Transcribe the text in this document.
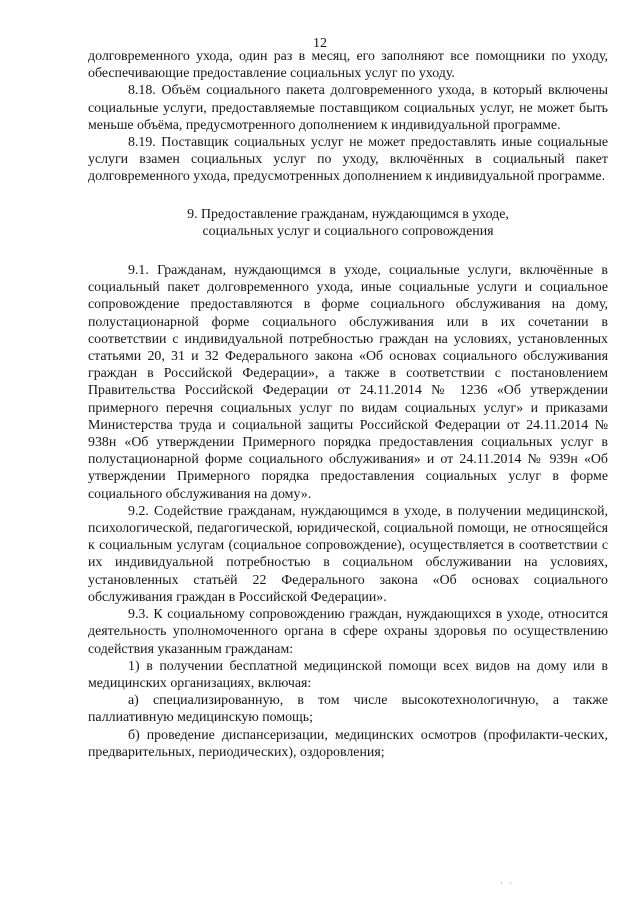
12

долговременного ухода, один раз в месяц, его заполняют все помощники по уходу, обеспечивающие предоставление социальных услуг по уходу.

8.18. Объём социального пакета долговременного ухода, в который включены социальные услуги, предоставляемые поставщиком социальных услуг, не может быть меньше объёма, предусмотренного дополнением к индивидуальной программе.

8.19. Поставщик социальных услуг не может предоставлять иные социальные услуги взамен социальных услуг по уходу, включённых в социальный пакет долговременного ухода, предусмотренных дополнением к индивидуальной программе.

9. Предоставление гражданам, нуждающимся в уходе,
социальных услуг и социального сопровождения

9.1. Гражданам, нуждающимся в уходе, социальные услуги, включённые в социальный пакет долговременного ухода, иные социальные услуги и социальное сопровождение предоставляются в форме социального обслуживания на дому, полустационарной форме социального обслуживания или в их сочетании в соответствии с индивидуальной потребностью граждан на условиях, установленных статьями 20, 31 и 32 Федерального закона «Об основах социального обслуживания граждан в Российской Федерации», а также в соответствии с постановлением Правительства Российской Федерации от 24.11.2014 № 1236 «Об утверждении примерного перечня социальных услуг по видам социальных услуг» и приказами Министерства труда и социальной защиты Российской Федерации от 24.11.2014 № 938н «Об утверждении Примерного порядка предоставления социальных услуг в полустационарной форме социального обслуживания» и от 24.11.2014 № 939н «Об утверждении Примерного порядка предоставления социальных услуг в форме социального обслуживания на дому».

9.2. Содействие гражданам, нуждающимся в уходе, в получении медицинской, психологической, педагогической, юридической, социальной помощи, не относящейся к социальным услугам (социальное сопровождение), осуществляется в соответствии с их индивидуальной потребностью в социальном обслуживании на условиях, установленных статьёй 22 Федерального закона «Об основах социального обслуживания граждан в Российской Федерации».

9.3. К социальному сопровождению граждан, нуждающихся в уходе, относится деятельность уполномоченного органа в сфере охраны здоровья по осуществлению содействия указанным гражданам:

1) в получении бесплатной медицинской помощи всех видов на дому или в медицинских организациях, включая:

а) специализированную, в том числе высокотехнологичную, а также паллиативную медицинскую помощь;

б) проведение диспансеризации, медицинских осмотров (профилакти-ческих, предварительных, периодических), оздоровления;

· ·
